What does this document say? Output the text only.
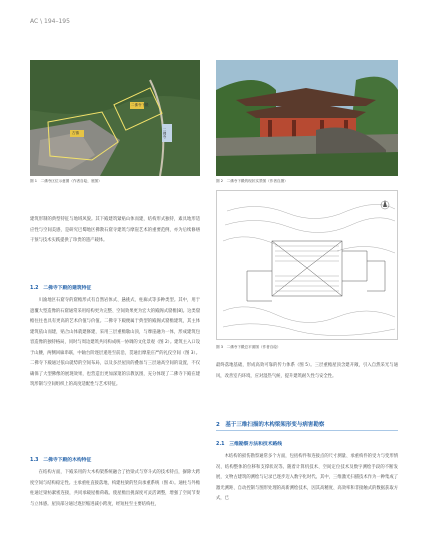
AC \ 194–195
二佛寺下殿
二佛寺
古镇
图 1　二佛寺区位示意图（作者自绘，底图）	图 2　二佛寺下殿的现状实景图（作者自摄）
图 3　二佛寺下殿总平面图（作者自绘）

建筑形制的典型特征与地域风貌。其下殿建筑紧贴山体而建，结构形式独特，素具地形适应性与空间美感，是研究巴蜀地区佛教石窟寺建筑与摩崖艺术的重要范例，亦为后续修缮干预与技术实践提供了珍贵的遗产载体。

1.2　二佛寺下殿的建筑特征

川渝地区石窟寺的窟檐形式有自然岩体式、悬挑式、柱廊式等多种类型。其中，用于遮覆大型造像的石窟通常采用结构更为完整、空间效果更为宏大的殿阁式窟檐[8]。这类窟檐往往也具有更高的艺术价值与价值。二佛寺下殿便属于典型的殿阁式窟檐建筑，其主体建筑依山而建，贴合山体就建修建，采用三层重檐歇山顶，与摩崖融为一体，形成建筑包容造像的独特格局，同时与周边建筑共同构成统一协调的文化景观（图 2）。建筑主入口设于山腰，两侧回廊串联，中轴台阶逐层递进至前沿，贯通出摩崖庄严的礼仪空间（图 3）。二佛寺下殿通过依山就势的空间布局，以及多层屋顶的叠加与三层通高空间的设置，不仅确保了大型佛像的展现效果，也营造出更加深邃的宗教氛围，充分体现了二佛寺下殿在建筑形制与空间组织上的高度适配性与艺术特征。

1.3　二佛寺下殿的木构特征

在结构方面，下殿采用的大木构架系统融合了抬梁式与穿斗式的技术特点，摒除大跨度空间与结构稳定性。主承重柱直接落地，构建柱梁的竖向承重系统（图 4）。通柱与外檐柱通过梁枋紧密连接，共同承载屋檐荷载。使屋檐出挑深度可灵活调整，增强了空间节奏与立体感。屋顶部分通过逐层缩进减小跨度，经短柱至主要结构柱，

最终落地基础，形成高效可靠的传力体系（图 5）。三层重檐屋顶含建开敞，引入自然采光与通风，改善室内环境，应对湿热气候，提升建筑耐久性与安全性。

2　基于三维扫描的木构梁架形变与病害勘察
2.1　三维勘察方法和技术路线

木结构的损伤勘察通常多个方面，包括构件和连接点的尺寸测量、承重构件的受力与变形情况、结构整体的位移和支撑状况等。随着计算机技术、空间定位技术及数字测绘手段的不断发展，文物古建筑的测绘与记录已逐步迈入数字化时代。其中，三维激光扫描技术作为一种集成了激光测距、自动控制与图形处理的高新测绘技术，因其高精度、高效率和非接触式的数据获取方式，已
